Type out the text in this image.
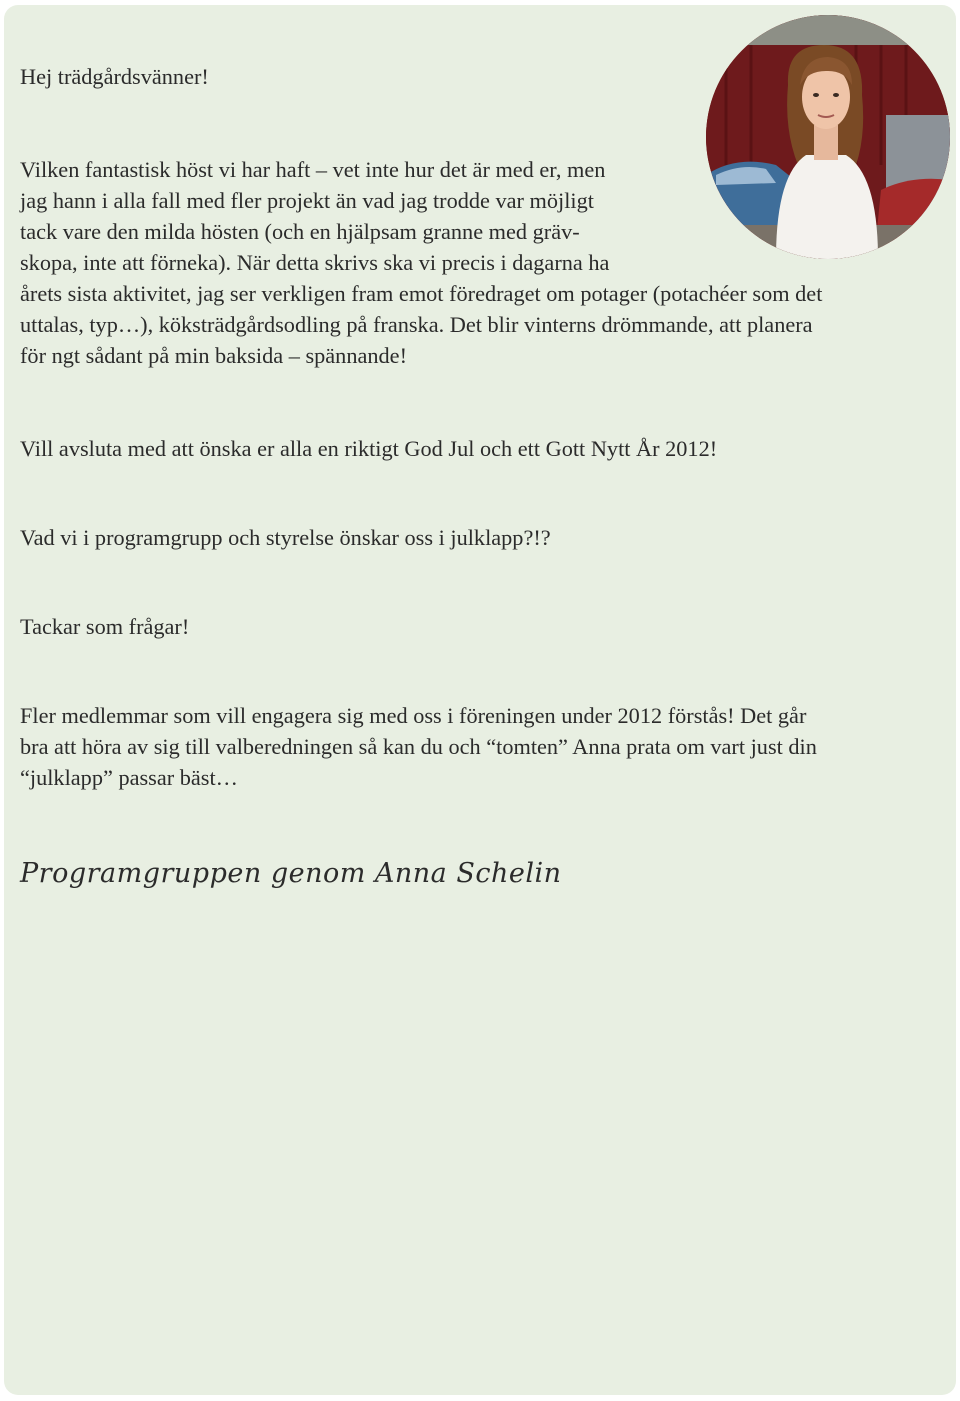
Hej trädgårdsvänner!

Vilken fantastisk höst vi har haft – vet inte hur det är med er, men
jag hann i alla fall med fler projekt än vad jag trodde var möjligt
tack vare den milda hösten (och en hjälpsam granne med gräv-
skopa, inte att förneka). När detta skrivs ska vi precis i dagarna ha
årets sista aktivitet, jag ser verkligen fram emot föredraget om potager (potachéer som det
uttalas, typ…), köksträdgårdsodling på franska. Det blir vinterns drömmande, att planera
för ngt sådant på min baksida – spännande!

Vill avsluta med att önska er alla en riktigt God Jul och ett Gott Nytt År 2012!

Vad vi i programgrupp och styrelse önskar oss i julklapp?!?

Tackar som frågar!

Fler medlemmar som vill engagera sig med oss i föreningen under 2012 förstås! Det går
bra att höra av sig till valberedningen så kan du och “tomten” Anna prata om vart just din
“julklapp” passar bäst…

Programgruppen genom Anna Schelin
